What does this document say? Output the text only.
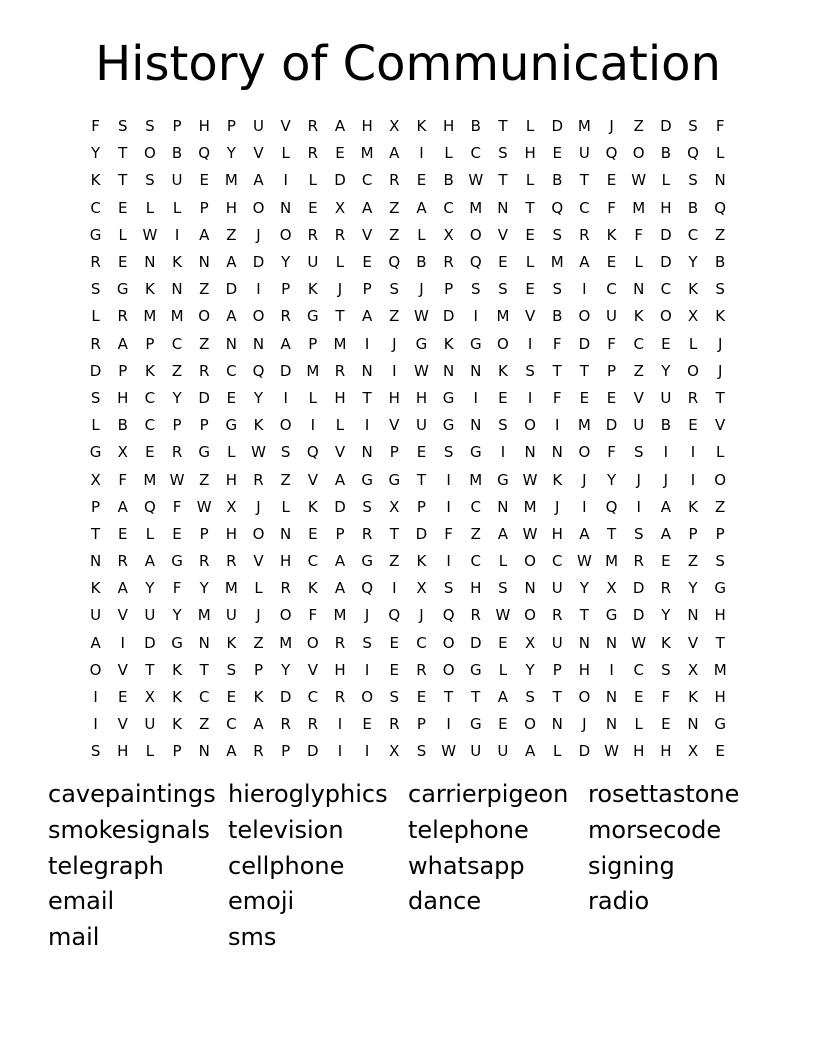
History of Communication
F	S	S	P	H	P	U	V	R	A	H	X	K	H	B	T	L	D M	J	Z	D	S	F
Y	T	O	B	Q	Y	V	L	R	E	M	A	I	L	C	S	H	E	U	Q	O	B	Q	L
K	T	S	U	E	M	A	I	L	D	C	R	E	B W	T	L	B	T	E	W	L	S	N
C	E	L	L	P	H	O	N	E	X	A	Z	A	C	M	N	T	Q	C	F	M	H	B	Q
G	L	W	I	A	Z	J	O	R	R	V	Z	L	X	O	V	E	S	R	K	F	D	C	Z
R	E	N	K	N	A	D	Y	U	L	E	Q	B	R	Q	E	L	M	A	E	L	D	Y	B
S	G	K	N	Z	D	I	P	K	J	P	S	J	P	S	S	E	S	I	C	N	C	K	S
L	R	M M O	A	O	R	G	T	A	Z W D	I	M	V	B	O	U	K	O	X	K
R	A	P	C	Z	N	N	A	P	M	I	J	G	K	G	O	I	F	D	F	C	E	L	J
D	P	K	Z	R	C	Q	D M	R	N	I	W N	N	K	S	T	T	P	Z	Y	O	J
S	H	C	Y	D	E	Y	I	L	H	T	H	H	G	I	E	I	F	E	E	V	U	R	T
L	B	C	P	P	G	K	O	I	L	I	V	U	G	N	S	O	I	M D	U	B	E	V
G	X	E	R	G	L	W S	Q	V	N	P	E	S	G	I	N	N	O	F	S	I	I	L
X	F	M W Z	H	R	Z	V	A	G	G	T	I	M G W K	J	Y	J	J	I	O
P	A	Q	F	W X	J	L	K	D	S	X	P	I	C	N	M	J	I	Q	I	A	K	Z
T	E	L	E	P	H	O	N	E	P	R	T	D	F	Z	A W H	A	T	S	A	P	P
N	R	A	G	R	R	V	H	C	A	G	Z	K	I	C	L	O	C W M	R	E	Z	S
K	A	Y	F	Y	M	L	R	K	A	Q	I	X	S	H	S	N	U	Y	X	D	R	Y	G
U	V	U	Y	M	U	J	O	F	M	J	Q	J	Q	R W O	R	T	G	D	Y	N	H
A	I	D	G	N	K	Z	M O	R	S	E	C	O	D	E	X	U	N	N W K	V	T
O	V	T	K	T	S	P	Y	V	H	I	E	R	O	G	L	Y	P	H	I	C	S	X	M
I	E	X	K	C	E	K	D	C	R	O	S	E	T	T	A	S	T	O	N	E	F	K	H
I	V	U	K	Z	C	A	R	R	I	E	R	P	I	G	E	O	N	J	N	L	E	N	G
S	H	L	P	N	A	R	P	D	I	I	X	S W U	U	A	L	D W H	H	X	E
cavepaintings hieroglyphics carrierpigeon rosettastone
smokesignals television	telephone	morsecode
telegraph	cellphone	whatsapp	signing
email	emoji	dance	radio
mail	sms
